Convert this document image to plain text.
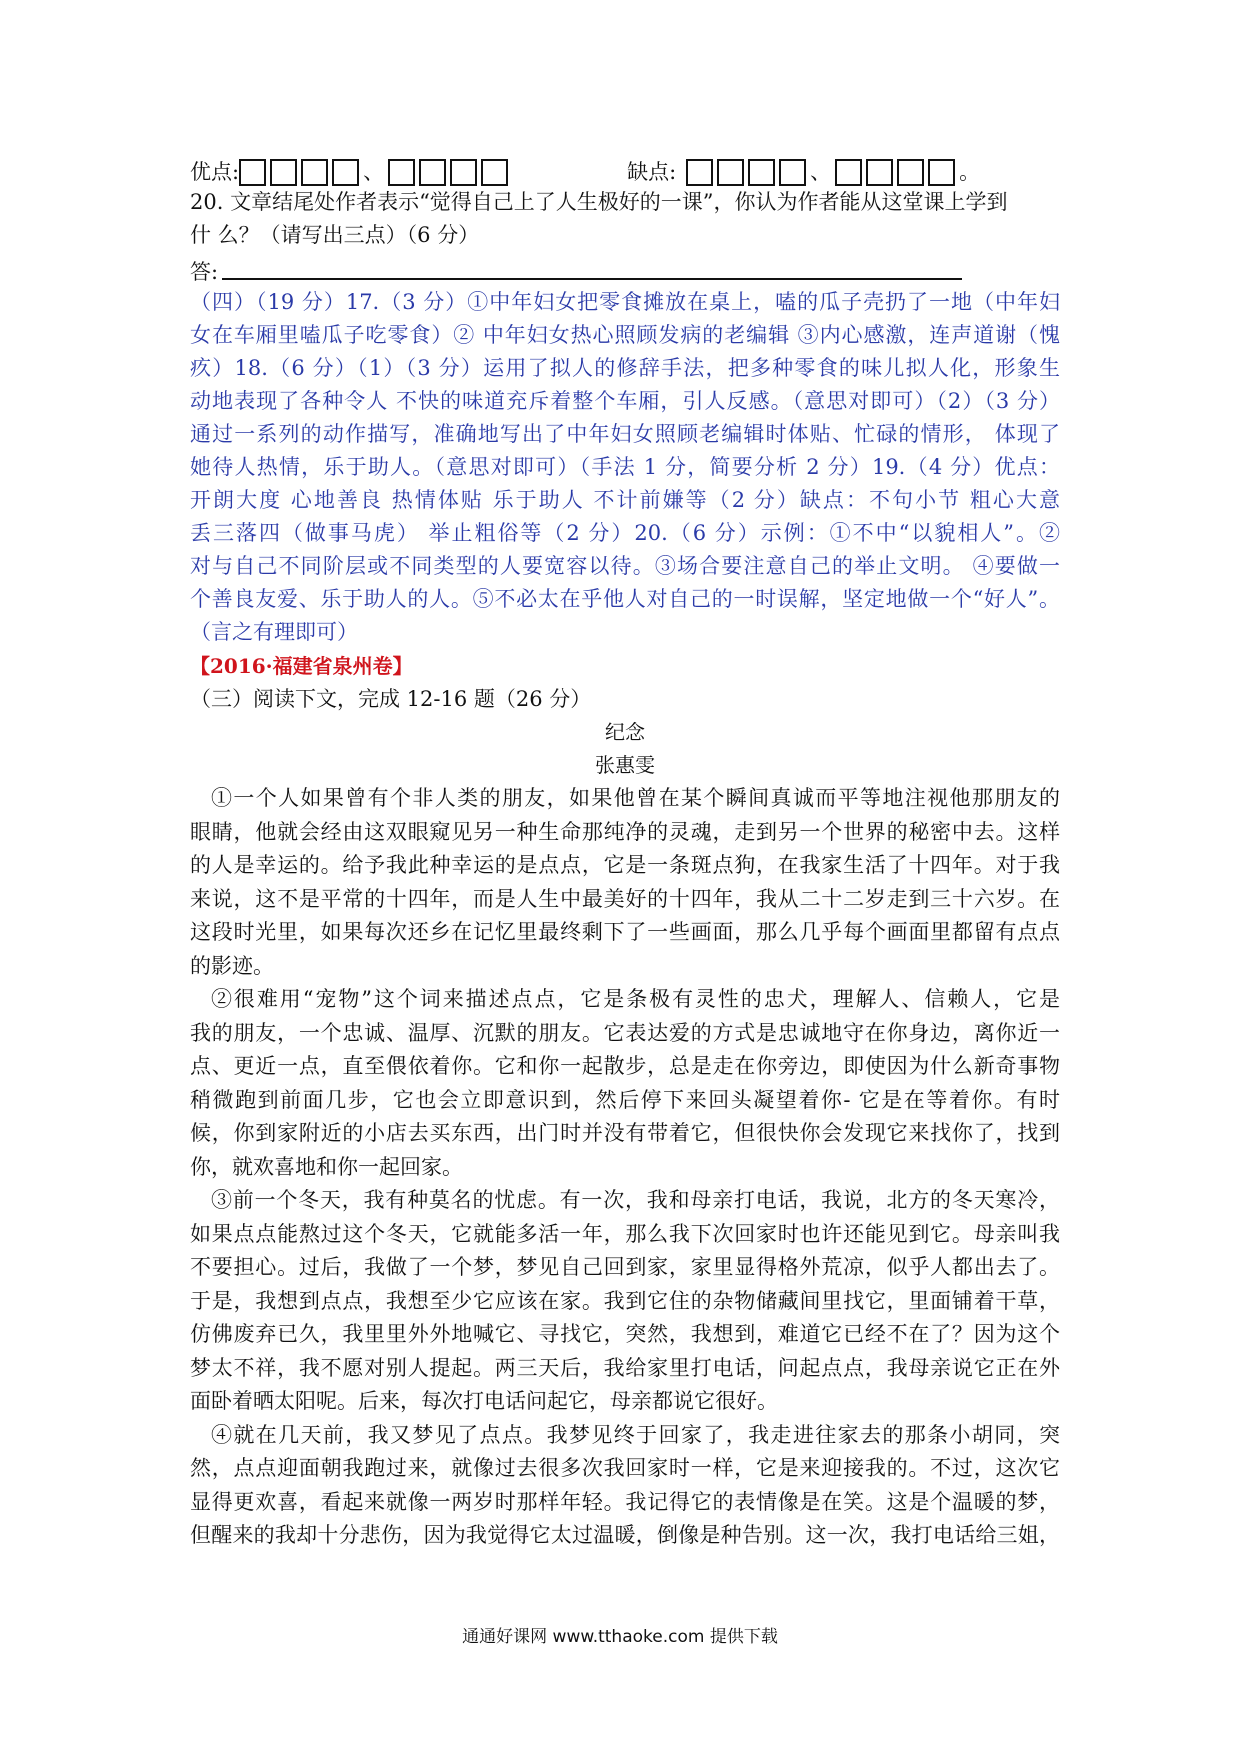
优点:	、	缺点:	、	。
20. 文章结尾处作者表示“觉得自己上了人生极好的一课”，你认为作者能从这堂课上学到
什 么？（请写出三点）（6 分）
答:

（四）（19 分）17.（3 分）①中年妇女把零食摊放在桌上，嗑的瓜子壳扔了一地（中年妇

女在车厢里嗑瓜子吃零食）② 中年妇女热心照顾发病的老编辑 ③内心感激，连声道谢（愧

疚）18.（6 分）（1）（3 分）运用了拟人的修辞手法，把多种零食的味儿拟人化，形象生

动地表现了各种令人 不快的味道充斥着整个车厢，引人反感。（意思对即可）（2）（3 分）

通过一系列的动作描写，准确地写出了中年妇女照顾老编辑时体贴、忙碌的情形， 体现了

她待人热情，乐于助人。（意思对即可）（手法 1 分，简要分析 2 分）19.（4 分）优点：

开朗大度 心地善良 热情体贴 乐于助人 不计前嫌等（2 分）缺点：不句小节 粗心大意

丢三落四（做事马虎） 举止粗俗等（2 分）20.（6 分）示例：①不中“以貌相人”。②

对与自己不同阶层或不同类型的人要宽容以待。③场合要注意自己的举止文明。 ④要做一

个善良友爱、乐于助人的人。⑤不必太在乎他人对自己的一时误解，坚定地做一个“好人”。

（言之有理即可）

【2016·福建省泉州卷】
（三）阅读下文，完成 12-16 题（26 分）
纪念
张惠雯

①一个人如果曾有个非人类的朋友，如果他曾在某个瞬间真诚而平等地注视他那朋友的
眼睛，他就会经由这双眼窥见另一种生命那纯净的灵魂，走到另一个世界的秘密中去。这样
的人是幸运的。给予我此种幸运的是点点，它是一条斑点狗，在我家生活了十四年。对于我
来说，这不是平常的十四年，而是人生中最美好的十四年，我从二十二岁走到三十六岁。在
这段时光里，如果每次还乡在记忆里最终剩下了一些画面，那么几乎每个画面里都留有点点
的影迹。

②很难用“宠物”这个词来描述点点，它是条极有灵性的忠犬，理解人、信赖人，它是
我的朋友，一个忠诚、温厚、沉默的朋友。它表达爱的方式是忠诚地守在你身边，离你近一
点、更近一点，直至偎依着你。它和你一起散步，总是走在你旁边，即使因为什么新奇事物
稍微跑到前面几步，它也会立即意识到，然后停下来回头凝望着你- 它是在等着你。有时
候，你到家附近的小店去买东西，出门时并没有带着它，但很快你会发现它来找你了，找到
你，就欢喜地和你一起回家。

③前一个冬天，我有种莫名的忧虑。有一次，我和母亲打电话，我说，北方的冬天寒冷，
如果点点能熬过这个冬天，它就能多活一年，那么我下次回家时也许还能见到它。母亲叫我
不要担心。过后，我做了一个梦，梦见自己回到家，家里显得格外荒凉，似乎人都出去了。
于是，我想到点点，我想至少它应该在家。我到它住的杂物储藏间里找它，里面铺着干草，
仿佛废弃已久，我里里外外地喊它、寻找它，突然，我想到，难道它已经不在了？因为这个
梦太不祥，我不愿对别人提起。两三天后，我给家里打电话，问起点点，我母亲说它正在外
面卧着晒太阳呢。后来，每次打电话问起它，母亲都说它很好。

④就在几天前，我又梦见了点点。我梦见终于回家了，我走进往家去的那条小胡同，突
然，点点迎面朝我跑过来，就像过去很多次我回家时一样，它是来迎接我的。不过，这次它
显得更欢喜，看起来就像一两岁时那样年轻。我记得它的表情像是在笑。这是个温暖的梦，
但醒来的我却十分悲伤，因为我觉得它太过温暖，倒像是种告别。这一次，我打电话给三姐，

通通好课网 www.tthaoke.com 提供下载
